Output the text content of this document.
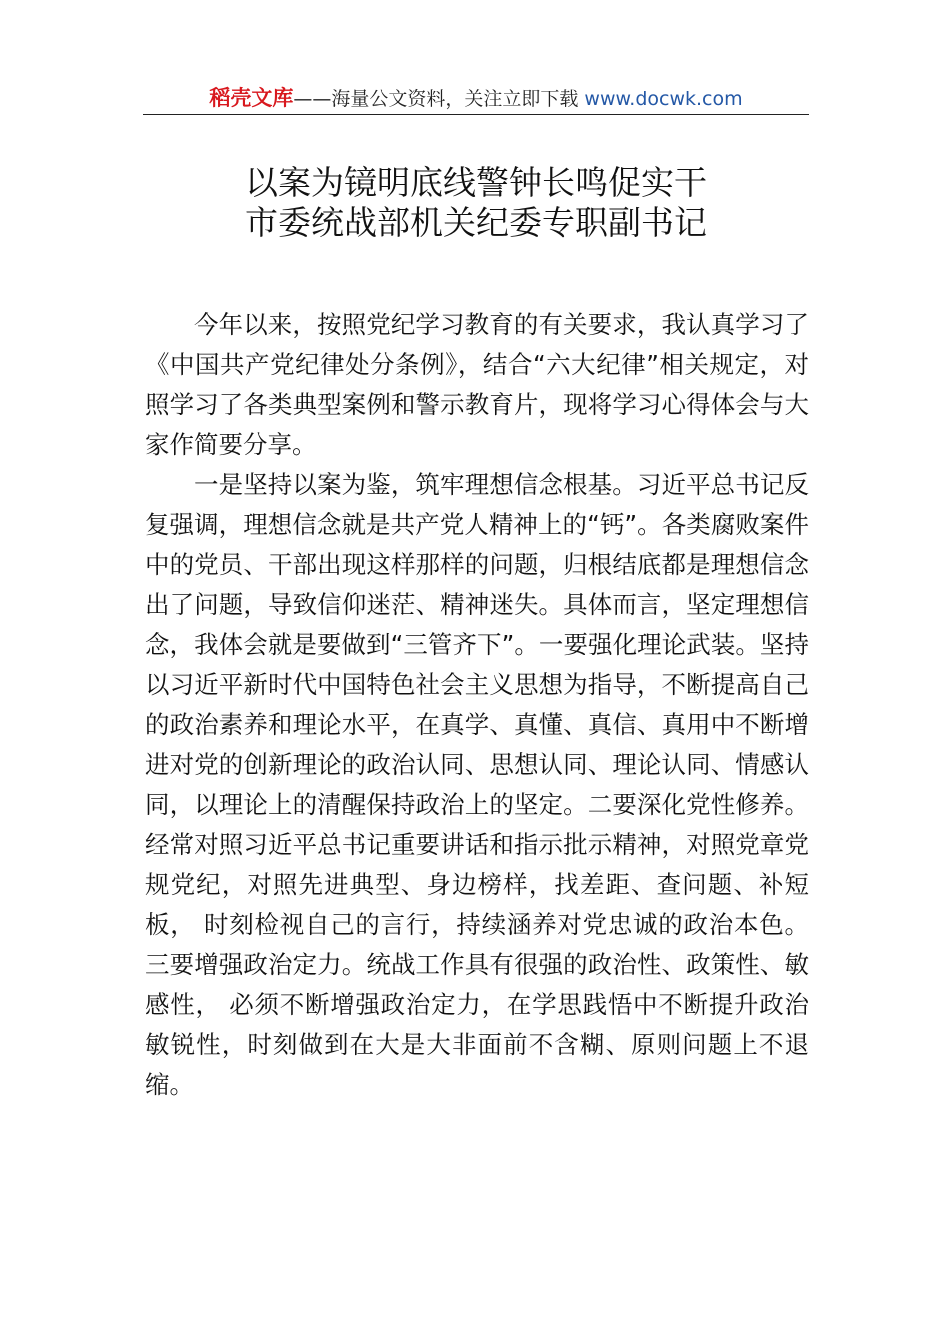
稻壳文库——海量公文资料，关注立即下载 www.docwk.com
以案为镜明底线警钟长鸣促实干
市委统战部机关纪委专职副书记

今年以来，按照党纪学习教育的有关要求，我认真学习了《中国共产党纪律处分条例》，结合“六大纪律”相关规定，对照学习了各类典型案例和警示教育片，现将学习心得体会与大家作简要分享。

一是坚持以案为鉴，筑牢理想信念根基。习近平总书记反复强调，理想信念就是共产党人精神上的“钙”。各类腐败案件中的党员、干部出现这样那样的问题，归根结底都是理想信念出了问题，导致信仰迷茫、精神迷失。具体而言，坚定理想信念，我体会就是要做到“三管齐下”。一要强化理论武装。坚持以习近平新时代中国特色社会主义思想为指导，不断提高自己的政治素养和理论水平，在真学、真懂、真信、真用中不断增进对党的创新理论的政治认同、思想认同、理论认同、情感认同，以理论上的清醒保持政治上的坚定。二要深化党性修养。经常对照习近平总书记重要讲话和指示批示精神，对照党章党规党纪，对照先进典型、身边榜样，找差距、查问题、补短板， 时刻检视自己的言行，持续涵养对党忠诚的政治本色。三要增强政治定力。统战工作具有很强的政治性、政策性、敏感性， 必须不断增强政治定力，在学思践悟中不断提升政治敏锐性，时刻做到在大是大非面前不含糊、原则问题上不退缩。
